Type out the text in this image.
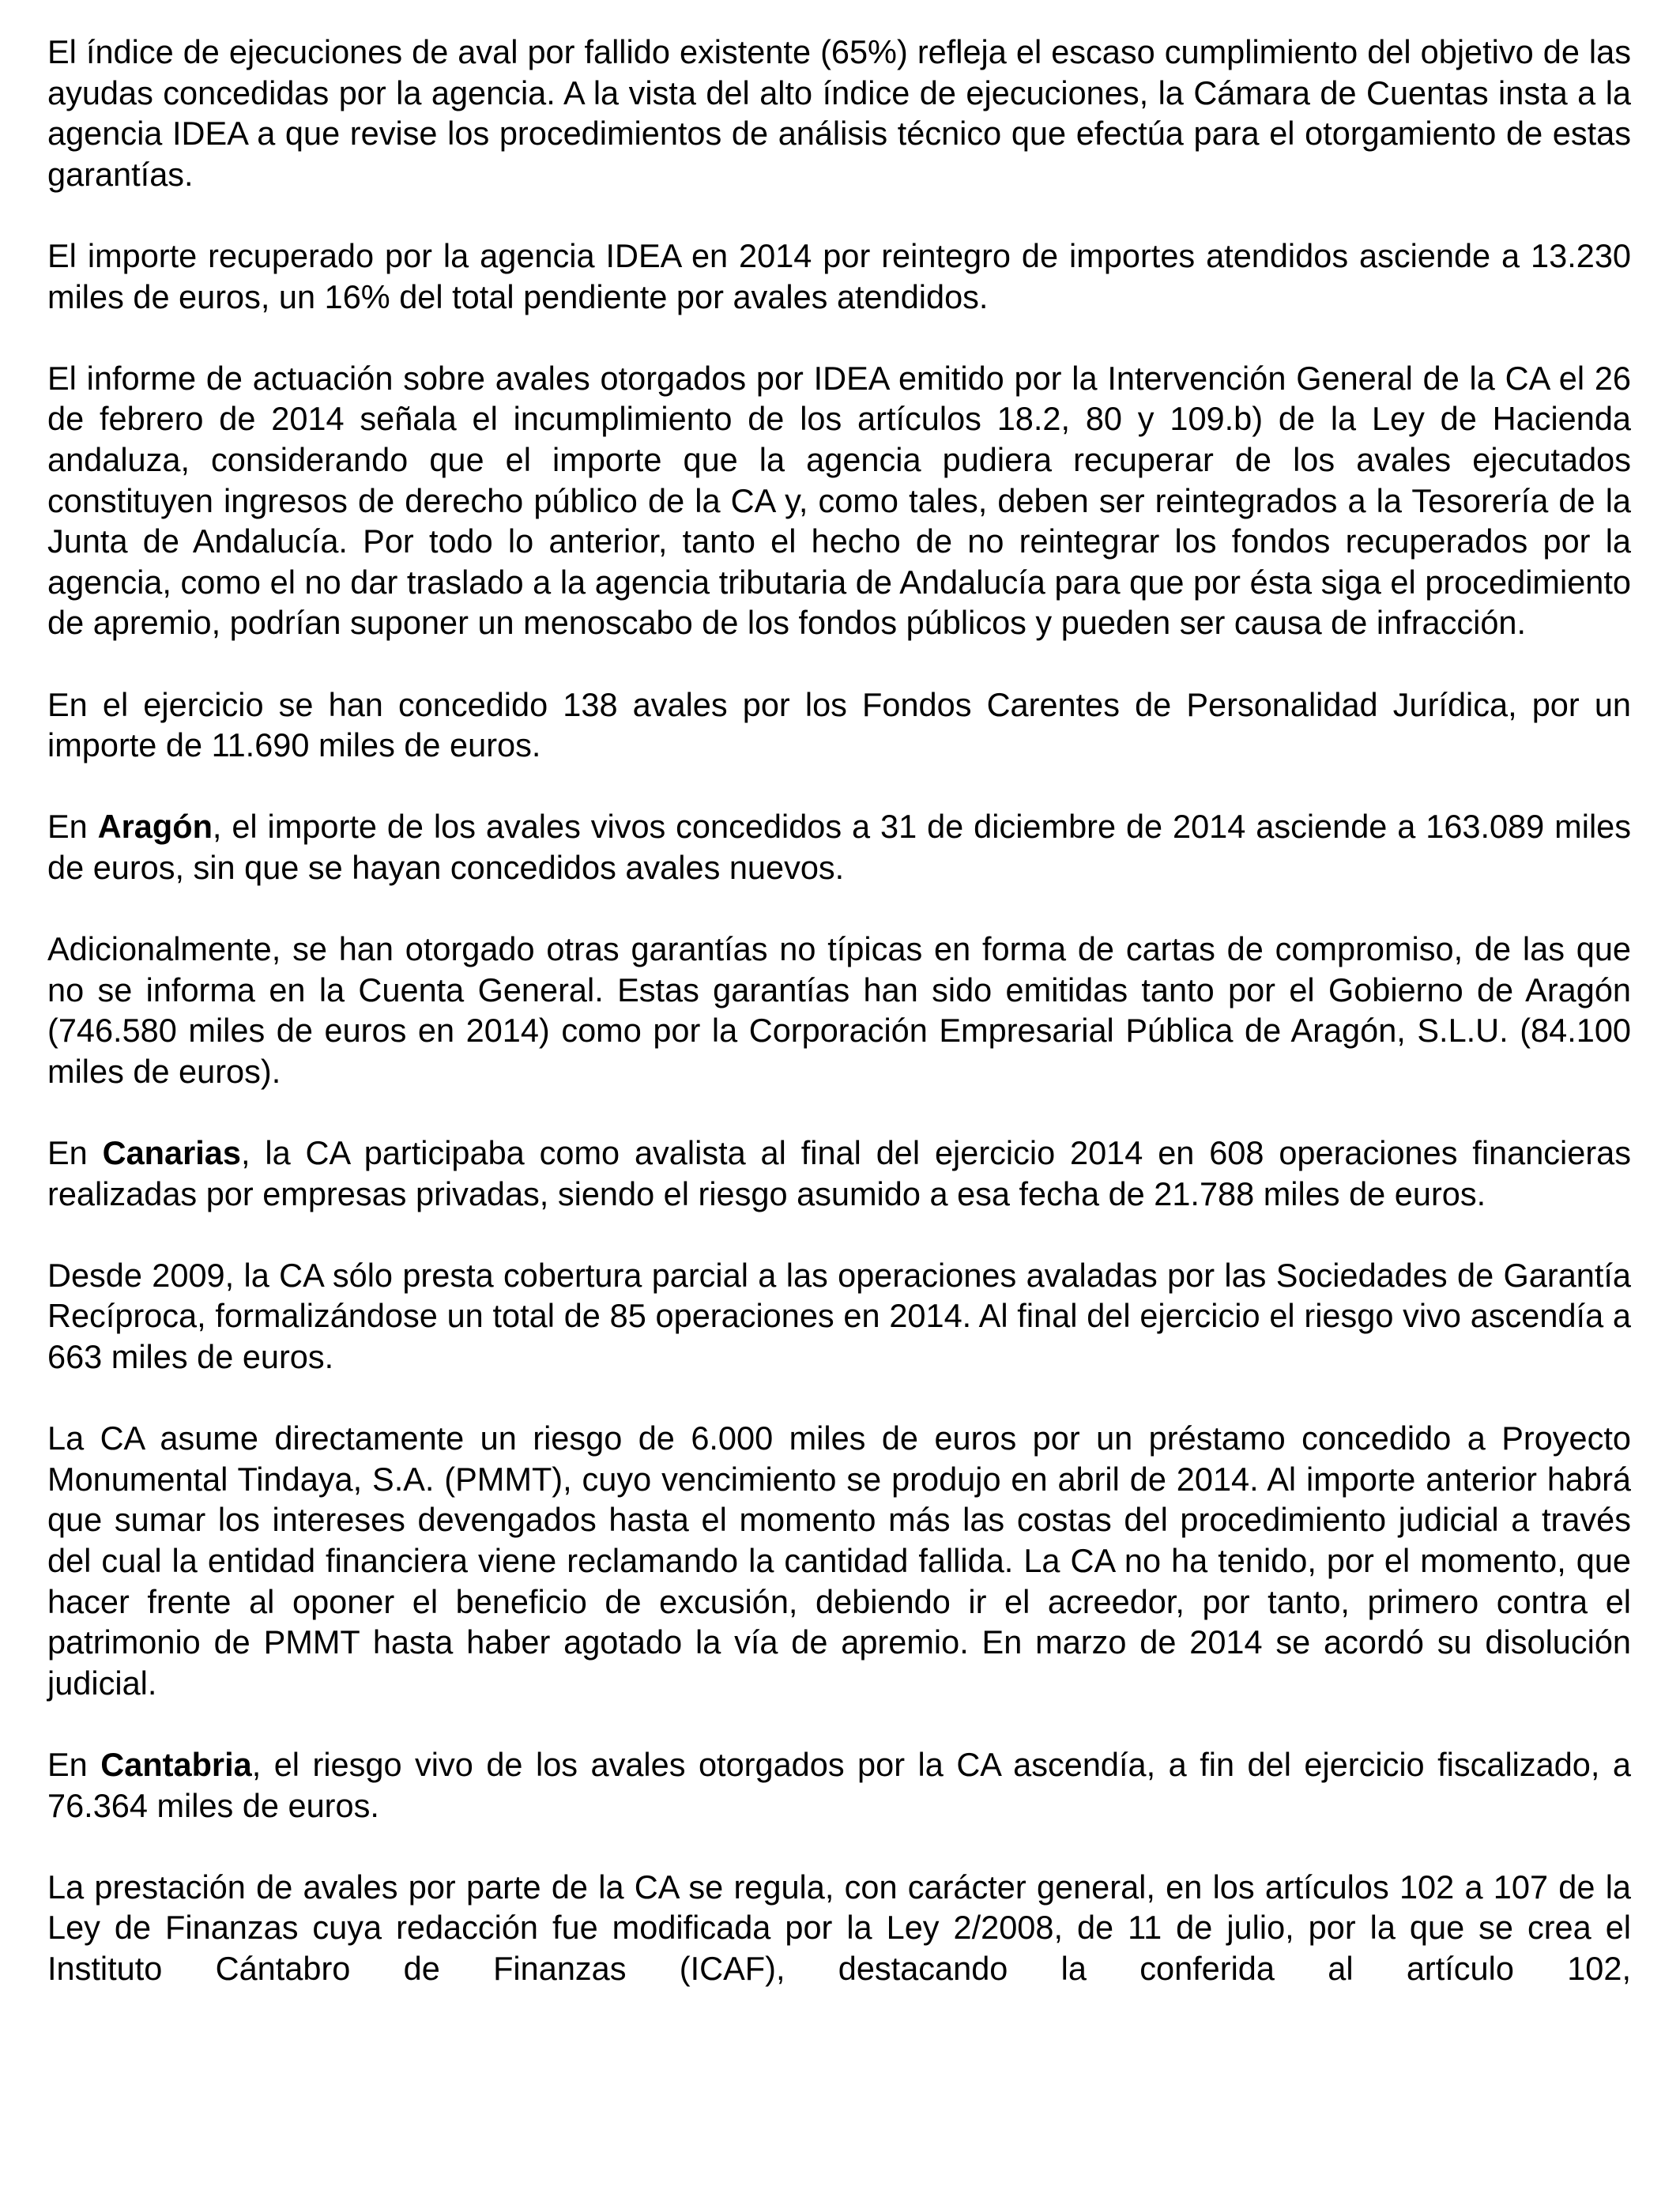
El índice de ejecuciones de aval por fallido existente (65%) refleja el escaso cumplimiento del objetivo de las ayudas concedidas por la agencia. A la vista del alto índice de ejecuciones, la Cámara de Cuentas insta a la agencia IDEA a que revise los procedimientos de análisis técnico que efectúa para el otorgamiento de estas garantías.

El importe recuperado por la agencia IDEA en 2014 por reintegro de importes atendidos asciende a 13.230 miles de euros, un 16% del total pendiente por avales atendidos.

El informe de actuación sobre avales otorgados por IDEA emitido por la Intervención General de la CA el 26 de febrero de 2014 señala el incumplimiento de los artículos 18.2, 80 y 109.b) de la Ley de Hacienda andaluza, considerando que el importe que la agencia pudiera recuperar de los avales ejecutados constituyen ingresos de derecho público de la CA y, como tales, deben ser reintegrados a la Tesorería de la Junta de Andalucía. Por todo lo anterior, tanto el hecho de no reintegrar los fondos recuperados por la agencia, como el no dar traslado a la agencia tributaria de Andalucía para que por ésta siga el procedimiento de apremio, podrían suponer un menoscabo de los fondos públicos y pueden ser causa de infracción.

En el ejercicio se han concedido 138 avales por los Fondos Carentes de Personalidad Jurídica, por un importe de 11.690 miles de euros.

En Aragón, el importe de los avales vivos concedidos a 31 de diciembre de 2014 asciende a 163.089 miles de euros, sin que se hayan concedidos avales nuevos.

Adicionalmente, se han otorgado otras garantías no típicas en forma de cartas de compromiso, de las que no se informa en la Cuenta General. Estas garantías han sido emitidas tanto por el Gobierno de Aragón (746.580 miles de euros en 2014) como por la Corporación Empresarial Pública de Aragón, S.L.U. (84.100 miles de euros).

En Canarias, la CA participaba como avalista al final del ejercicio 2014 en 608 operaciones financieras realizadas por empresas privadas, siendo el riesgo asumido a esa fecha de 21.788 miles de euros.

Desde 2009, la CA sólo presta cobertura parcial a las operaciones avaladas por las Sociedades de Garantía Recíproca, formalizándose un total de 85 operaciones en 2014. Al final del ejercicio el riesgo vivo ascendía a 663 miles de euros.

La CA asume directamente un riesgo de 6.000 miles de euros por un préstamo concedido a Proyecto Monumental Tindaya, S.A. (PMMT), cuyo vencimiento se produjo en abril de 2014. Al importe anterior habrá que sumar los intereses devengados hasta el momento más las costas del procedimiento judicial a través del cual la entidad financiera viene reclamando la cantidad fallida. La CA no ha tenido, por el momento, que hacer frente al oponer el beneficio de excusión, debiendo ir el acreedor, por tanto, primero contra el patrimonio de PMMT hasta haber agotado la vía de apremio. En marzo de 2014 se acordó su disolución judicial.

En Cantabria, el riesgo vivo de los avales otorgados por la CA ascendía, a fin del ejercicio fiscalizado, a 76.364 miles de euros.

La prestación de avales por parte de la CA se regula, con carácter general, en los artículos 102 a 107 de la Ley de Finanzas cuya redacción fue modificada por la Ley 2/2008, de 11 de julio, por la que se crea el Instituto Cántabro de Finanzas (ICAF), destacando la conferida al artículo 102,
